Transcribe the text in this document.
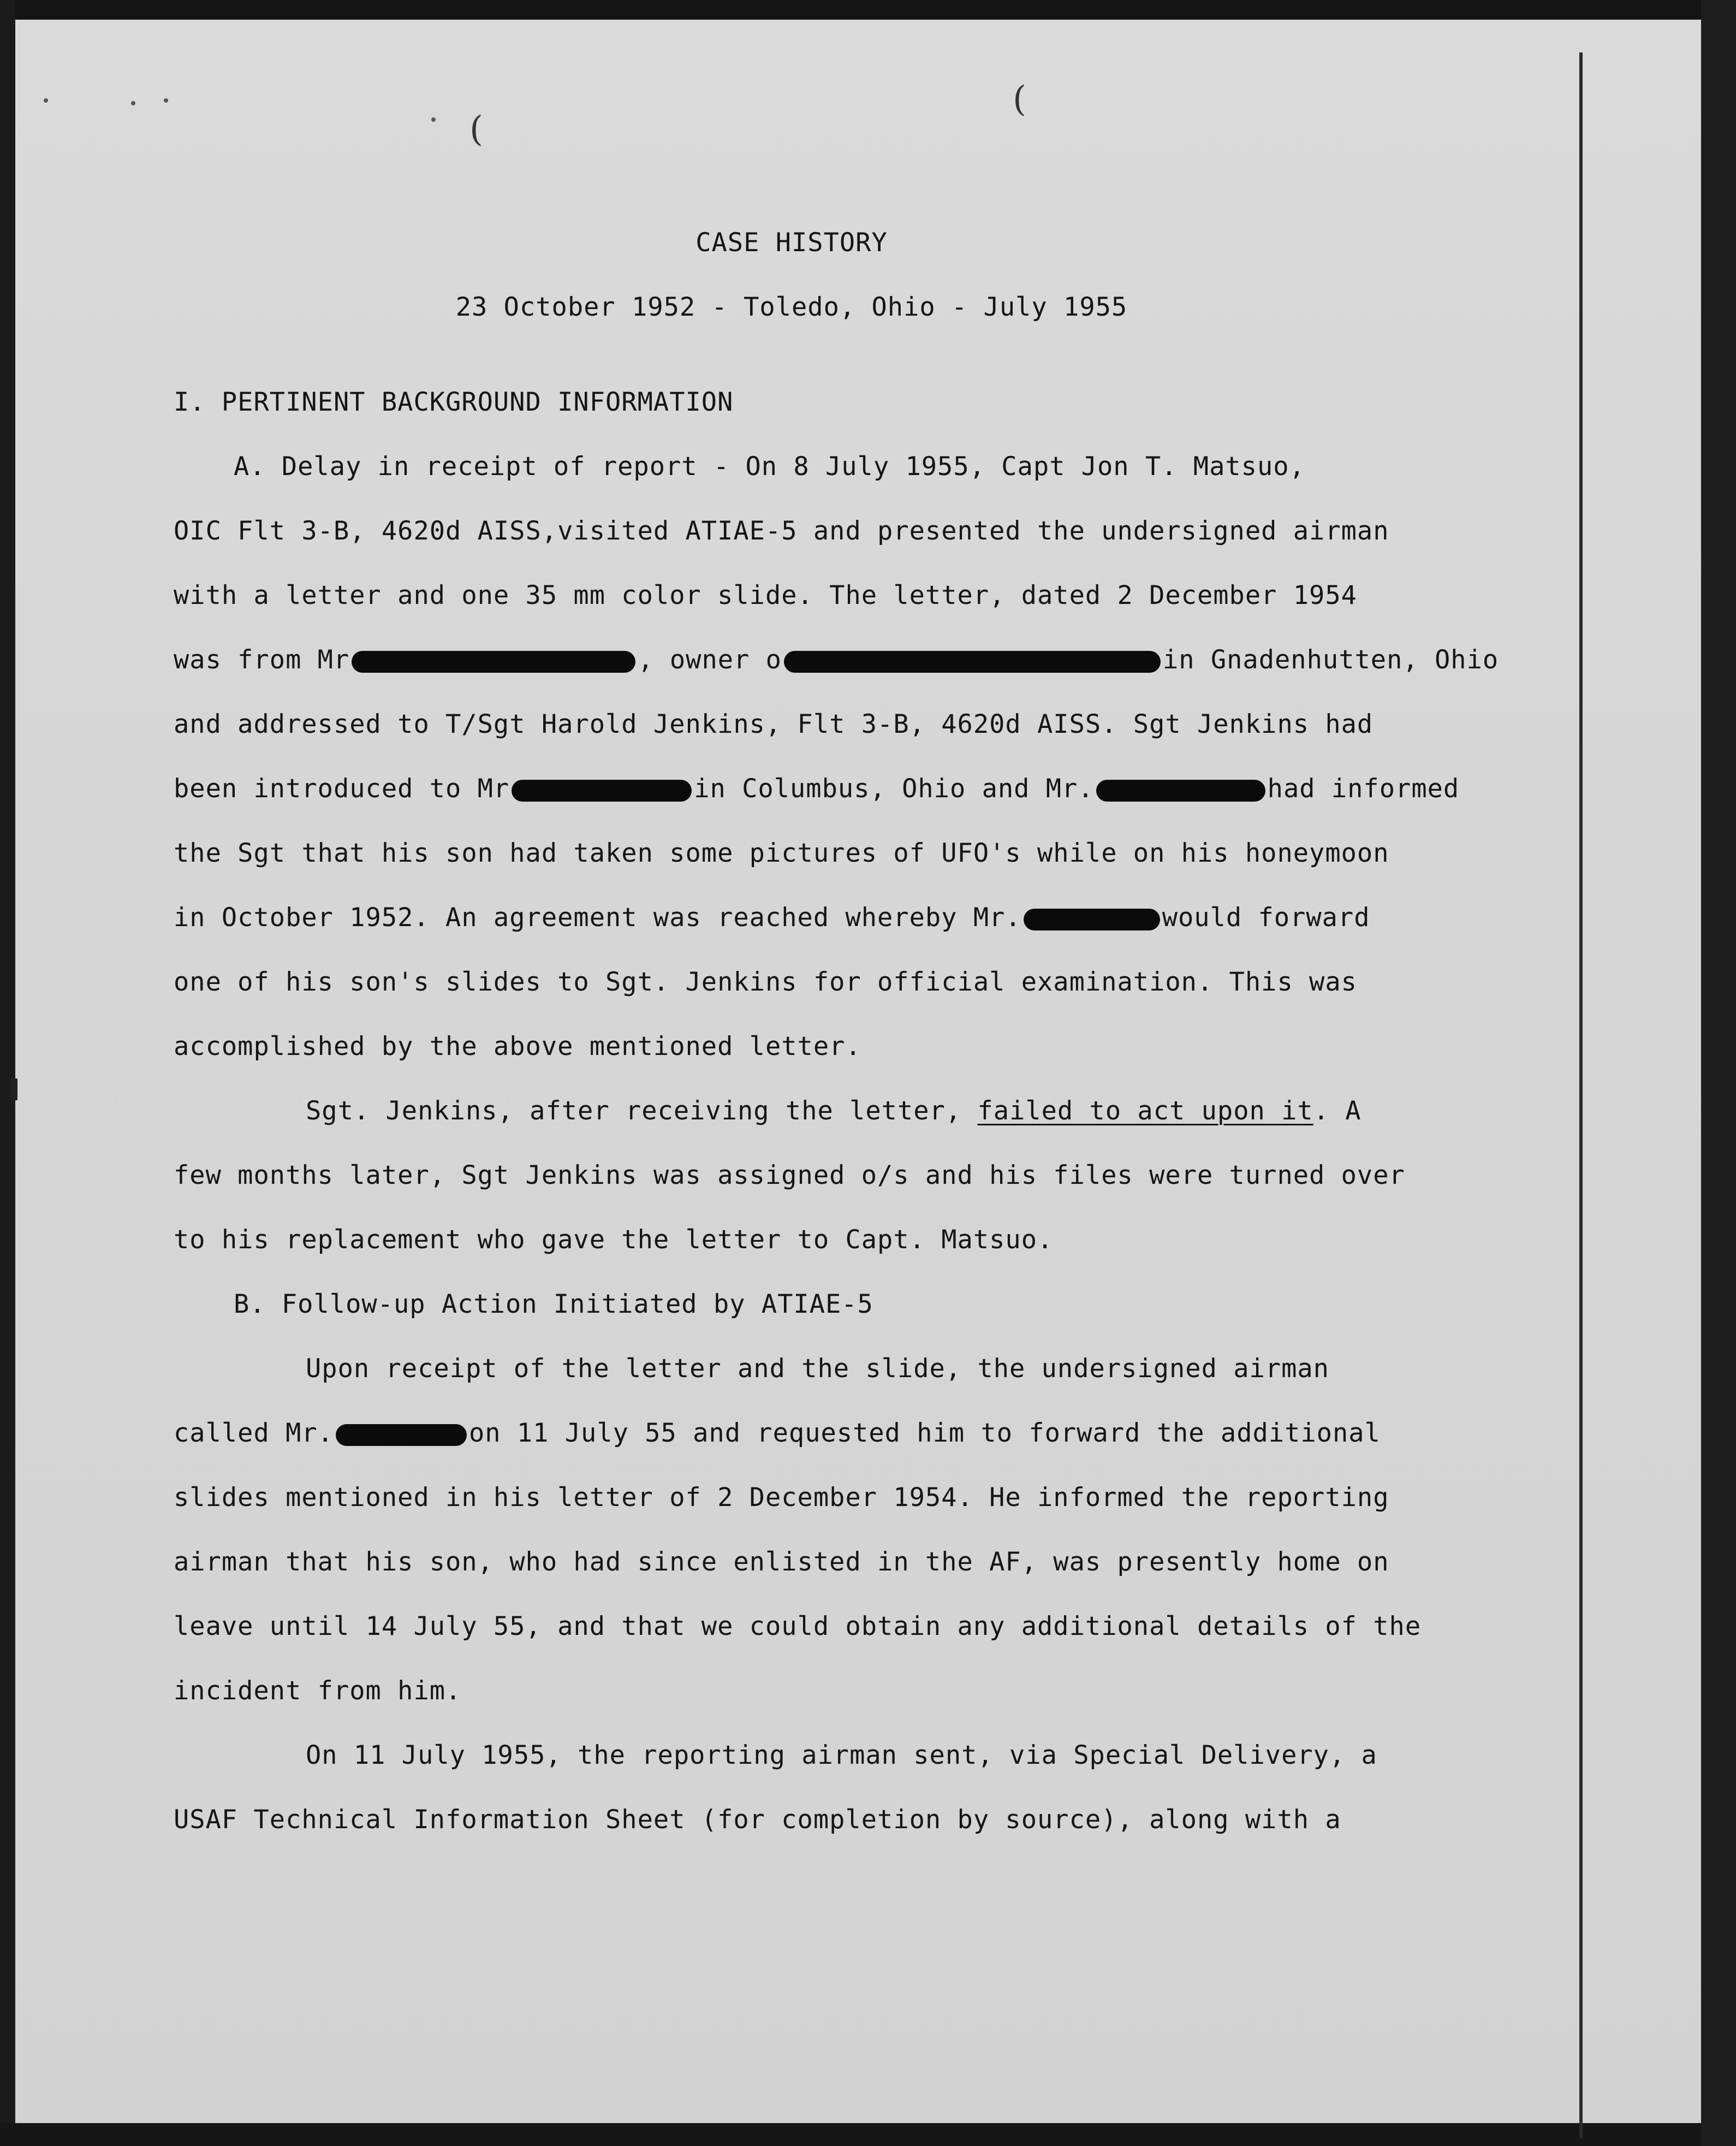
(
(
CASE HISTORY
23 October 1952 - Toledo, Ohio - July 1955
I. PERTINENT BACKGROUND INFORMATION
A. Delay in receipt of report - On 8 July 1955, Capt Jon T. Matsuo,
OIC Flt 3-B, 4620d AISS,visited ATIAE-5 and presented the undersigned airman
with a letter and one 35 mm color slide. The letter, dated 2 December 1954
was from Mr	, owner o	in Gnadenhutten, Ohio
and addressed to T/Sgt Harold Jenkins, Flt 3-B, 4620d AISS. Sgt Jenkins had
been introduced to Mr	in Columbus, Ohio and Mr.	had informed
the Sgt that his son had taken some pictures of UFO's while on his honeymoon
in October 1952. An agreement was reached whereby Mr.	would forward
one of his son's slides to Sgt. Jenkins for official examination. This was
accomplished by the above mentioned letter.
Sgt. Jenkins, after receiving the letter, failed to act upon it. A
few months later, Sgt Jenkins was assigned o/s and his files were turned over
to his replacement who gave the letter to Capt. Matsuo.
B. Follow-up Action Initiated by ATIAE-5
Upon receipt of the letter and the slide, the undersigned airman
called Mr.	on 11 July 55 and requested him to forward the additional
slides mentioned in his letter of 2 December 1954. He informed the reporting
airman that his son, who had since enlisted in the AF, was presently home on
leave until 14 July 55, and that we could obtain any additional details of the
incident from him.
On 11 July 1955, the reporting airman sent, via Special Delivery, a
USAF Technical Information Sheet (for completion by source), along with a
